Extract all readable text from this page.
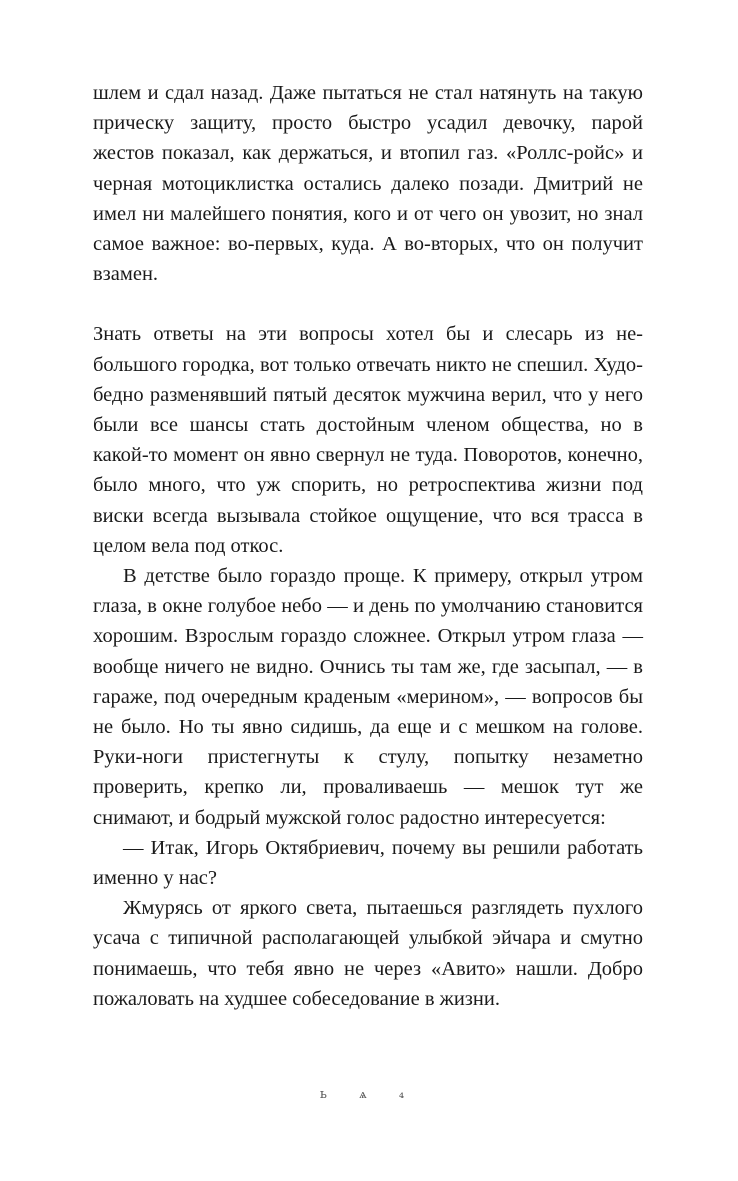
шлем и сдал назад. Даже пытаться не стал натянуть на такую прическу защиту, просто быстро усадил девочку, парой жестов показал, как держаться, и втопил газ. «Роллс-ройс» и черная мотоциклистка остались далеко позади. Дмитрий не имел ни малейшего понятия, кого и от чего он увозит, но знал самое важное: во-первых, куда. А во-вторых, что он получит взамен.

Знать ответы на эти вопросы хотел бы и слесарь из небольшого городка, вот только отвечать никто не спешил. Худо-бедно разменявший пятый десяток мужчина верил, что у него были все шансы стать достойным членом общества, но в какой-то момент он явно свернул не туда. Поворотов, конечно, было много, что уж спорить, но ретроспектива жизни под виски всегда вызывала стойкое ощущение, что вся трасса в целом вела под откос.

В детстве было гораздо проще. К примеру, открыл утром глаза, в окне голубое небо — и день по умолчанию становится хорошим. Взрослым гораздо сложнее. Открыл утром глаза — вообще ничего не видно. Очнись ты там же, где засыпал, — в гараже, под очередным краденым «мерином», — вопросов бы не было. Но ты явно сидишь, да еще и с мешком на голове. Руки-ноги пристегнуты к стулу, попытку незаметно проверить, крепко ли, проваливаешь — мешок тут же снимают, и бодрый мужской голос радостно интересуется:

— Итак, Игорь Октябриевич, почему вы решили работать именно у нас?

Жмурясь от яркого света, пытаешься разглядеть пухлого усача с типичной располагающей улыбкой эйчара и смутно понимаешь, что тебя явно не через «Авито» нашли. Добро пожаловать на худшее собеседование в жизни.

ь ѧ ₄
